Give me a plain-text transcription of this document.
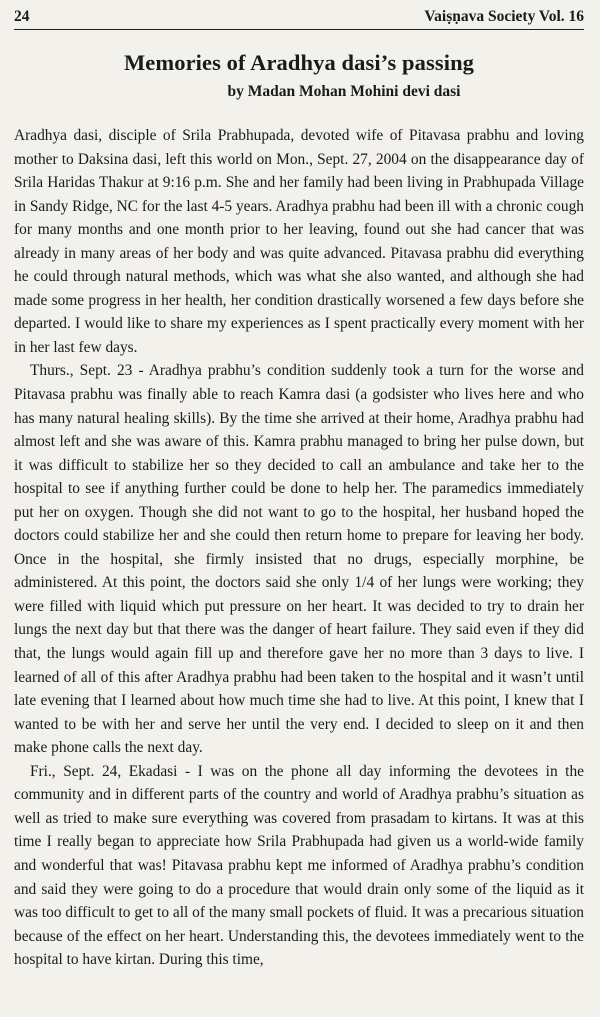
24	Vaiṣṇava Society Vol. 16
Memories of Aradhya dasi’s passing
by Madan Mohan Mohini devi dasi

Aradhya dasi, disciple of Srila Prabhupada, devoted wife of Pitavasa prabhu and loving mother to Daksina dasi, left this world on Mon., Sept. 27, 2004 on the disappearance day of Srila Haridas Thakur at 9:16 p.m. She and her family had been living in Prabhupada Village in Sandy Ridge, NC for the last 4-5 years. Aradhya prabhu had been ill with a chronic cough for many months and one month prior to her leaving, found out she had cancer that was already in many areas of her body and was quite advanced. Pitavasa prabhu did everything he could through natural methods, which was what she also wanted, and although she had made some progress in her health, her condition drastically worsened a few days before she departed. I would like to share my experiences as I spent practically every moment with her in her last few days.

Thurs., Sept. 23 - Aradhya prabhu’s condition suddenly took a turn for the worse and Pitavasa prabhu was finally able to reach Kamra dasi (a godsister who lives here and who has many natural healing skills). By the time she arrived at their home, Aradhya prabhu had almost left and she was aware of this. Kamra prabhu managed to bring her pulse down, but it was difficult to stabilize her so they decided to call an ambulance and take her to the hospital to see if anything further could be done to help her. The paramedics immediately put her on oxygen. Though she did not want to go to the hospital, her husband hoped the doctors could stabilize her and she could then return home to prepare for leaving her body. Once in the hospital, she firmly insisted that no drugs, especially morphine, be administered. At this point, the doctors said she only 1/4 of her lungs were working; they were filled with liquid which put pressure on her heart. It was decided to try to drain her lungs the next day but that there was the danger of heart failure. They said even if they did that, the lungs would again fill up and therefore gave her no more than 3 days to live. I learned of all of this after Aradhya prabhu had been taken to the hospital and it wasn’t until late evening that I learned about how much time she had to live. At this point, I knew that I wanted to be with her and serve her until the very end. I decided to sleep on it and then make phone calls the next day.

Fri., Sept. 24, Ekadasi - I was on the phone all day informing the devotees in the community and in different parts of the country and world of Aradhya prabhu’s situation as well as tried to make sure everything was covered from prasadam to kirtans. It was at this time I really began to appreciate how Srila Prabhupada had given us a world-wide family and wonderful that was! Pitavasa prabhu kept me informed of Aradhya prabhu’s condition and said they were going to do a procedure that would drain only some of the liquid as it was too difficult to get to all of the many small pockets of fluid. It was a precarious situation because of the effect on her heart. Understanding this, the devotees immediately went to the hospital to have kirtan. During this time,
